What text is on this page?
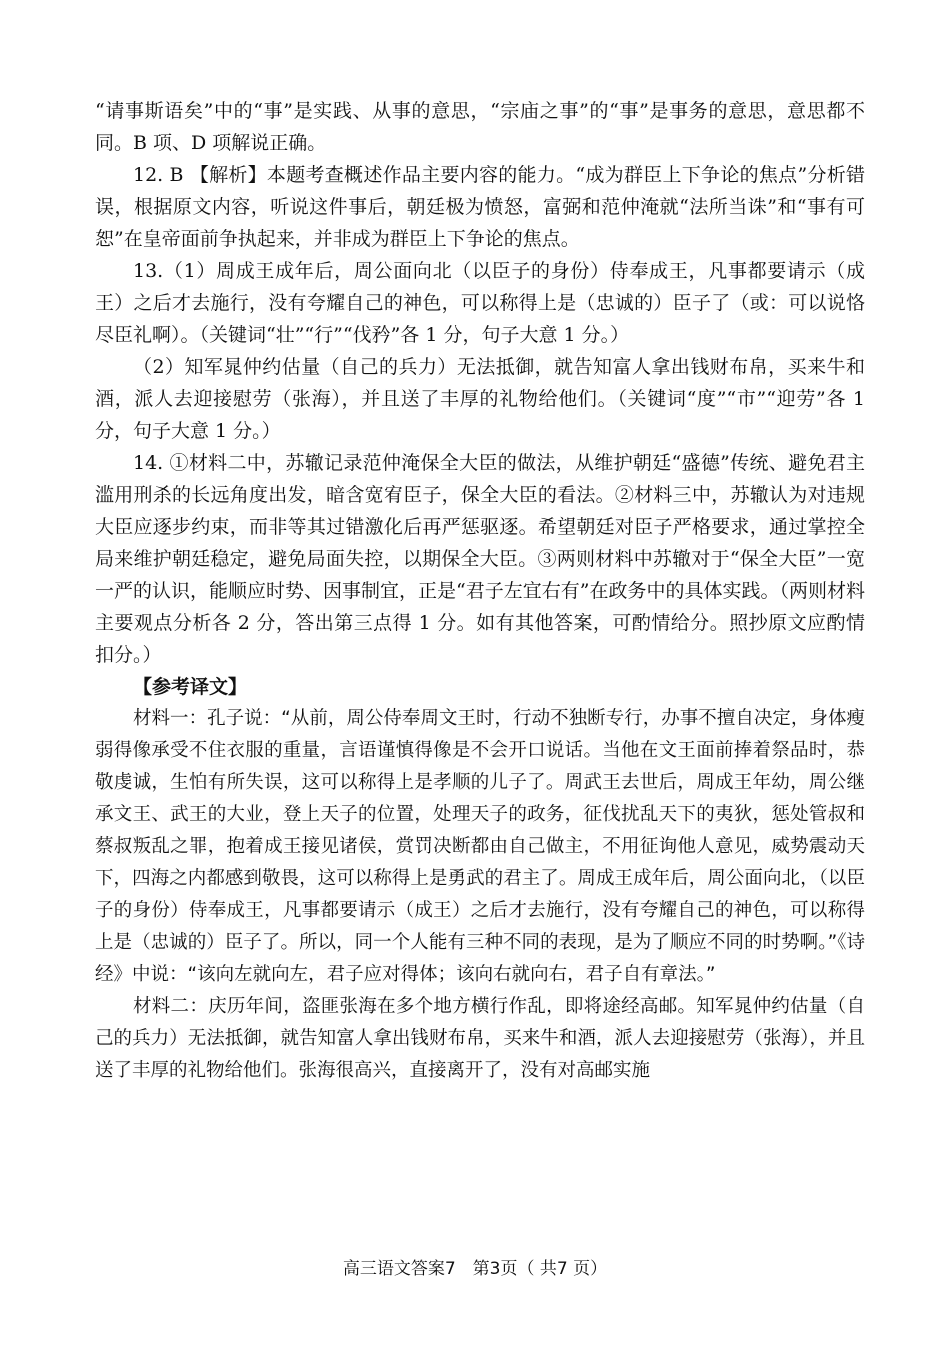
“请事斯语矣”中的“事”是实践、从事的意思，“宗庙之事”的“事”是事务的意思，意思都不同。B 项、D 项解说正确。

12. B 【解析】本题考查概述作品主要内容的能力。“成为群臣上下争论的焦点”分析错误，根据原文内容，听说这件事后，朝廷极为愤怒，富弼和范仲淹就“法所当诛”和“事有可恕”在皇帝面前争执起来，并非成为群臣上下争论的焦点。

13.（1）周成王成年后，周公面向北（以臣子的身份）侍奉成王，凡事都要请示（成王）之后才去施行，没有夸耀自己的神色，可以称得上是（忠诚的）臣子了（或：可以说恪尽臣礼啊）。（关键词“壮”“行”“伐矜”各 1 分，句子大意 1 分。）

（2）知军晁仲约估量（自己的兵力）无法抵御，就告知富人拿出钱财布帛，买来牛和酒，派人去迎接慰劳（张海），并且送了丰厚的礼物给他们。（关键词“度”“市”“迎劳”各 1 分，句子大意 1 分。）

14. ①材料二中，苏辙记录范仲淹保全大臣的做法，从维护朝廷“盛德”传统、避免君主滥用刑杀的长远角度出发，暗含宽宥臣子，保全大臣的看法。②材料三中，苏辙认为对违规大臣应逐步约束，而非等其过错激化后再严惩驱逐。希望朝廷对臣子严格要求，通过掌控全局来维护朝廷稳定，避免局面失控，以期保全大臣。③两则材料中苏辙对于“保全大臣”一宽一严的认识，能顺应时势、因事制宜，正是“君子左宜右有”在政务中的具体实践。（两则材料主要观点分析各 2 分，答出第三点得 1 分。如有其他答案，可酌情给分。照抄原文应酌情扣分。）

【参考译文】

材料一：孔子说：“从前，周公侍奉周文王时，行动不独断专行，办事不擅自决定，身体瘦弱得像承受不住衣服的重量，言语谨慎得像是不会开口说话。当他在文王面前捧着祭品时，恭敬虔诚，生怕有所失误，这可以称得上是孝顺的儿子了。周武王去世后，周成王年幼，周公继承文王、武王的大业，登上天子的位置，处理天子的政务，征伐扰乱天下的夷狄，惩处管叔和蔡叔叛乱之罪，抱着成王接见诸侯，赏罚决断都由自己做主，不用征询他人意见，威势震动天下，四海之内都感到敬畏，这可以称得上是勇武的君主了。周成王成年后，周公面向北，（以臣子的身份）侍奉成王，凡事都要请示（成王）之后才去施行，没有夸耀自己的神色，可以称得上是（忠诚的）臣子了。所以，同一个人能有三种不同的表现，是为了顺应不同的时势啊。”《诗经》中说：“该向左就向左，君子应对得体；该向右就向右，君子自有章法。”

材料二：庆历年间，盗匪张海在多个地方横行作乱，即将途经高邮。知军晁仲约估量（自己的兵力）无法抵御，就告知富人拿出钱财布帛，买来牛和酒，派人去迎接慰劳（张海），并且送了丰厚的礼物给他们。张海很高兴，直接离开了，没有对高邮实施

高三语文答案7　第3页（ 共7 页）
